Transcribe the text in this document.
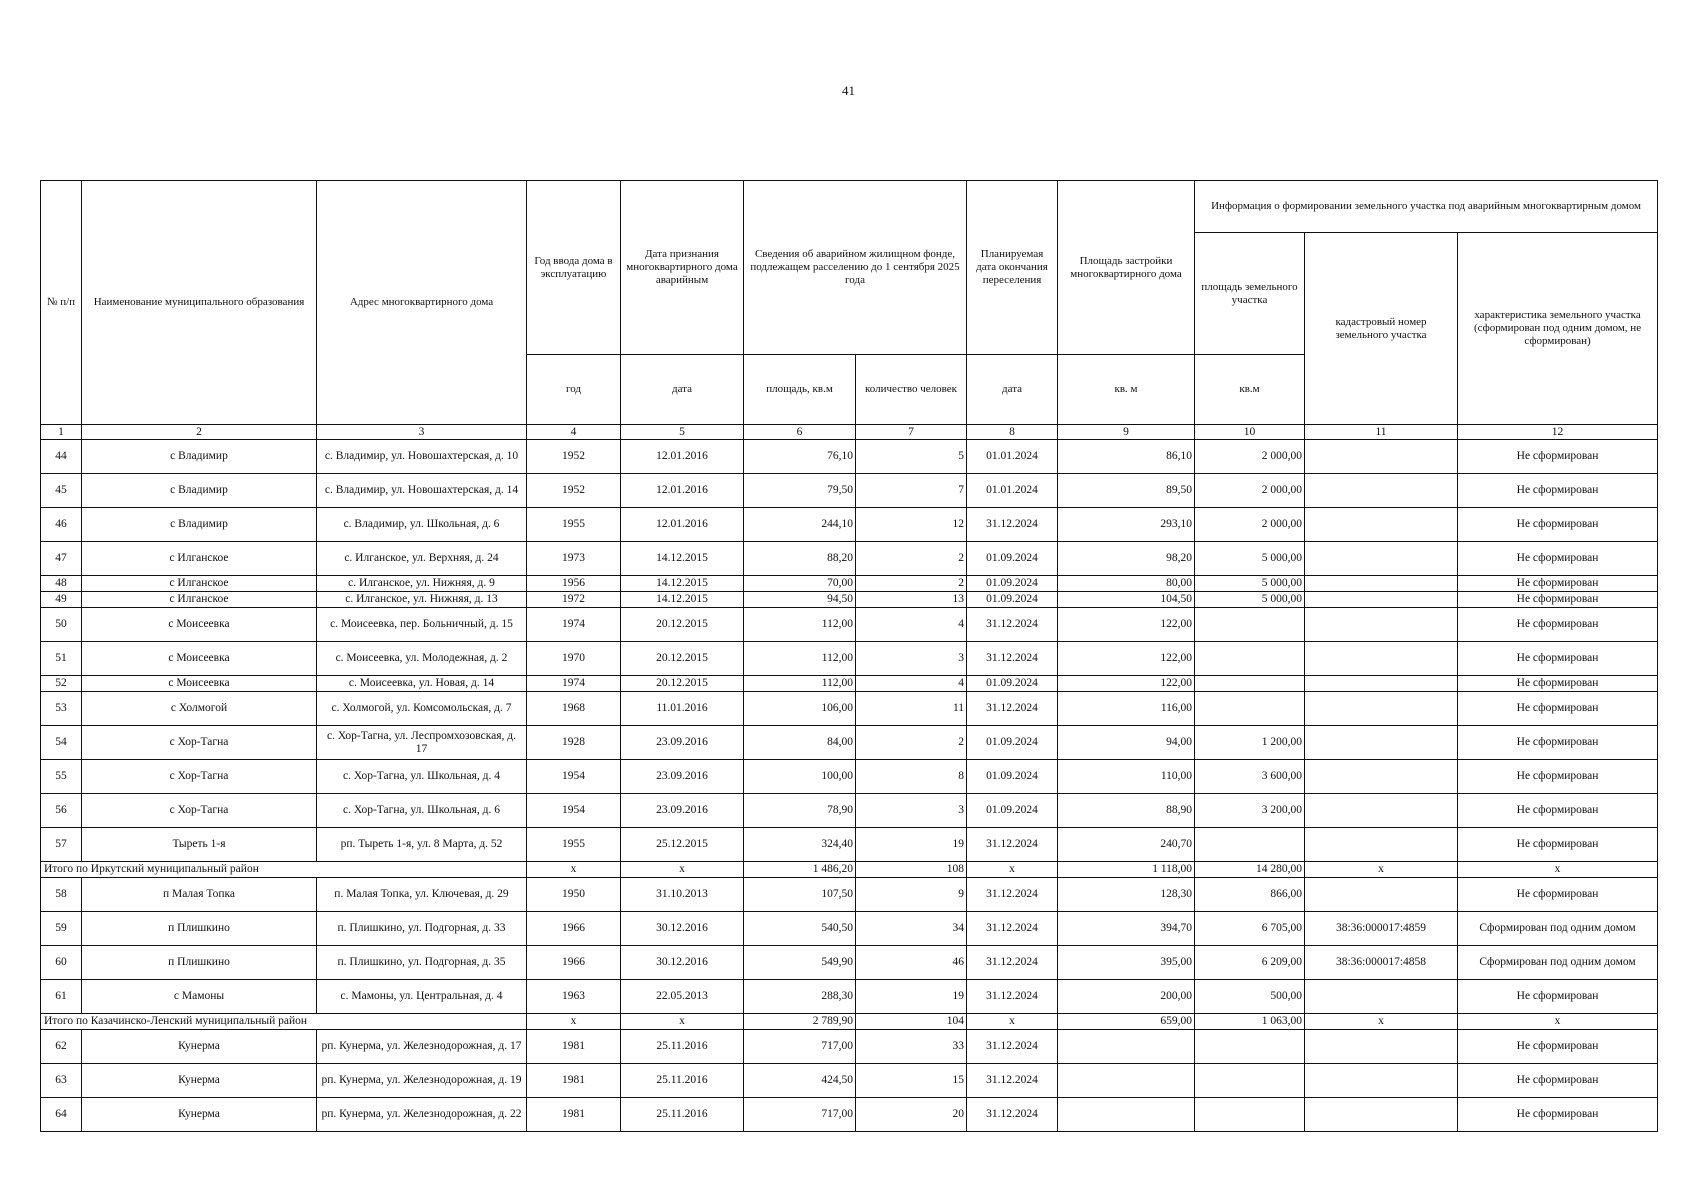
41
№ п/п	Наименование муниципального образования	Адрес многоквартирного дома	Год ввода дома в эксплуатацию	Дата признания многоквартирного дома аварийным	Сведения об аварийном жилищном фонде, подлежащем расселению до 1 сентября 2025 года		Планируемая дата окончания переселения	Площадь застройки многоквартирного дома	Информация о формировании земельного участка под аварийным многоквартирным домом		
									площадь земельного участка	кадастровый номер земельного участка	характеристика земельного участка (сформирован под одним домом, не сформирован)
			год	дата	площадь, кв.м	количество человек	дата	кв. м	кв.м		
1	2	3	4	5	6	7	8	9	10	11	12
44	с Владимир	с. Владимир, ул. Новошахтерская, д. 10	1952	12.01.2016	76,10	5	01.01.2024	86,10	2 000,00		Не сформирован
45	с Владимир	с. Владимир, ул. Новошахтерская, д. 14	1952	12.01.2016	79,50	7	01.01.2024	89,50	2 000,00		Не сформирован
46	с Владимир	с. Владимир, ул. Школьная, д. 6	1955	12.01.2016	244,10	12	31.12.2024	293,10	2 000,00		Не сформирован
47	с Илганское	с. Илганское, ул. Верхняя, д. 24	1973	14.12.2015	88,20	2	01.09.2024	98,20	5 000,00		Не сформирован
48	с Илганское	с. Илганское, ул. Нижняя, д. 9	1956	14.12.2015	70,00	2	01.09.2024	80,00	5 000,00		Не сформирован
49	с Илганское	с. Илганское, ул. Нижняя, д. 13	1972	14.12.2015	94,50	13	01.09.2024	104,50	5 000,00		Не сформирован
50	с Моисеевка	с. Моисеевка, пер. Больничный, д. 15	1974	20.12.2015	112,00	4	31.12.2024	122,00			Не сформирован
51	с Моисеевка	с. Моисеевка, ул. Молодежная, д. 2	1970	20.12.2015	112,00	3	31.12.2024	122,00			Не сформирован
52	с Моисеевка	с. Моисеевка, ул. Новая, д. 14	1974	20.12.2015	112,00	4	01.09.2024	122,00			Не сформирован
53	с Холмогой	с. Холмогой, ул. Комсомольская, д. 7	1968	11.01.2016	106,00	11	31.12.2024	116,00			Не сформирован
54	с Хор-Тагна	с. Хор-Тагна, ул. Леспромхозовская, д. 17	1928	23.09.2016	84,00	2	01.09.2024	94,00	1 200,00		Не сформирован
55	с Хор-Тагна	с. Хор-Тагна, ул. Школьная, д. 4	1954	23.09.2016	100,00	8	01.09.2024	110,00	3 600,00		Не сформирован
56	с Хор-Тагна	с. Хор-Тагна, ул. Школьная, д. 6	1954	23.09.2016	78,90	3	01.09.2024	88,90	3 200,00		Не сформирован
57	Тыреть 1-я	рп. Тыреть 1-я, ул. 8 Марта, д. 52	1955	25.12.2015	324,40	19	31.12.2024	240,70			Не сформирован
Итого по Иркутский муниципальный район			х	х	1 486,20	108	х	1 118,00	14 280,00	х	х
58	п Малая Топка	п. Малая Топка, ул. Ключевая, д. 29	1950	31.10.2013	107,50	9	31.12.2024	128,30	866,00		Не сформирован
59	п Плишкино	п. Плишкино, ул. Подгорная, д. 33	1966	30.12.2016	540,50	34	31.12.2024	394,70	6 705,00	38:36:000017:4859	Сформирован под одним домом
60	п Плишкино	п. Плишкино, ул. Подгорная, д. 35	1966	30.12.2016	549,90	46	31.12.2024	395,00	6 209,00	38:36:000017:4858	Сформирован под одним домом
61	с Мамоны	с. Мамоны, ул. Центральная, д. 4	1963	22.05.2013	288,30	19	31.12.2024	200,00	500,00		Не сформирован
Итого по Казачинско-Ленский муниципальный район			х	х	2 789,90	104	х	659,00	1 063,00	х	х
62	Кунерма	рп. Кунерма, ул. Железнодорожная, д. 17	1981	25.11.2016	717,00	33	31.12.2024				Не сформирован
63	Кунерма	рп. Кунерма, ул. Железнодорожная, д. 19	1981	25.11.2016	424,50	15	31.12.2024				Не сформирован
64	Кунерма	рп. Кунерма, ул. Железнодорожная, д. 22	1981	25.11.2016	717,00	20	31.12.2024				Не сформирован
